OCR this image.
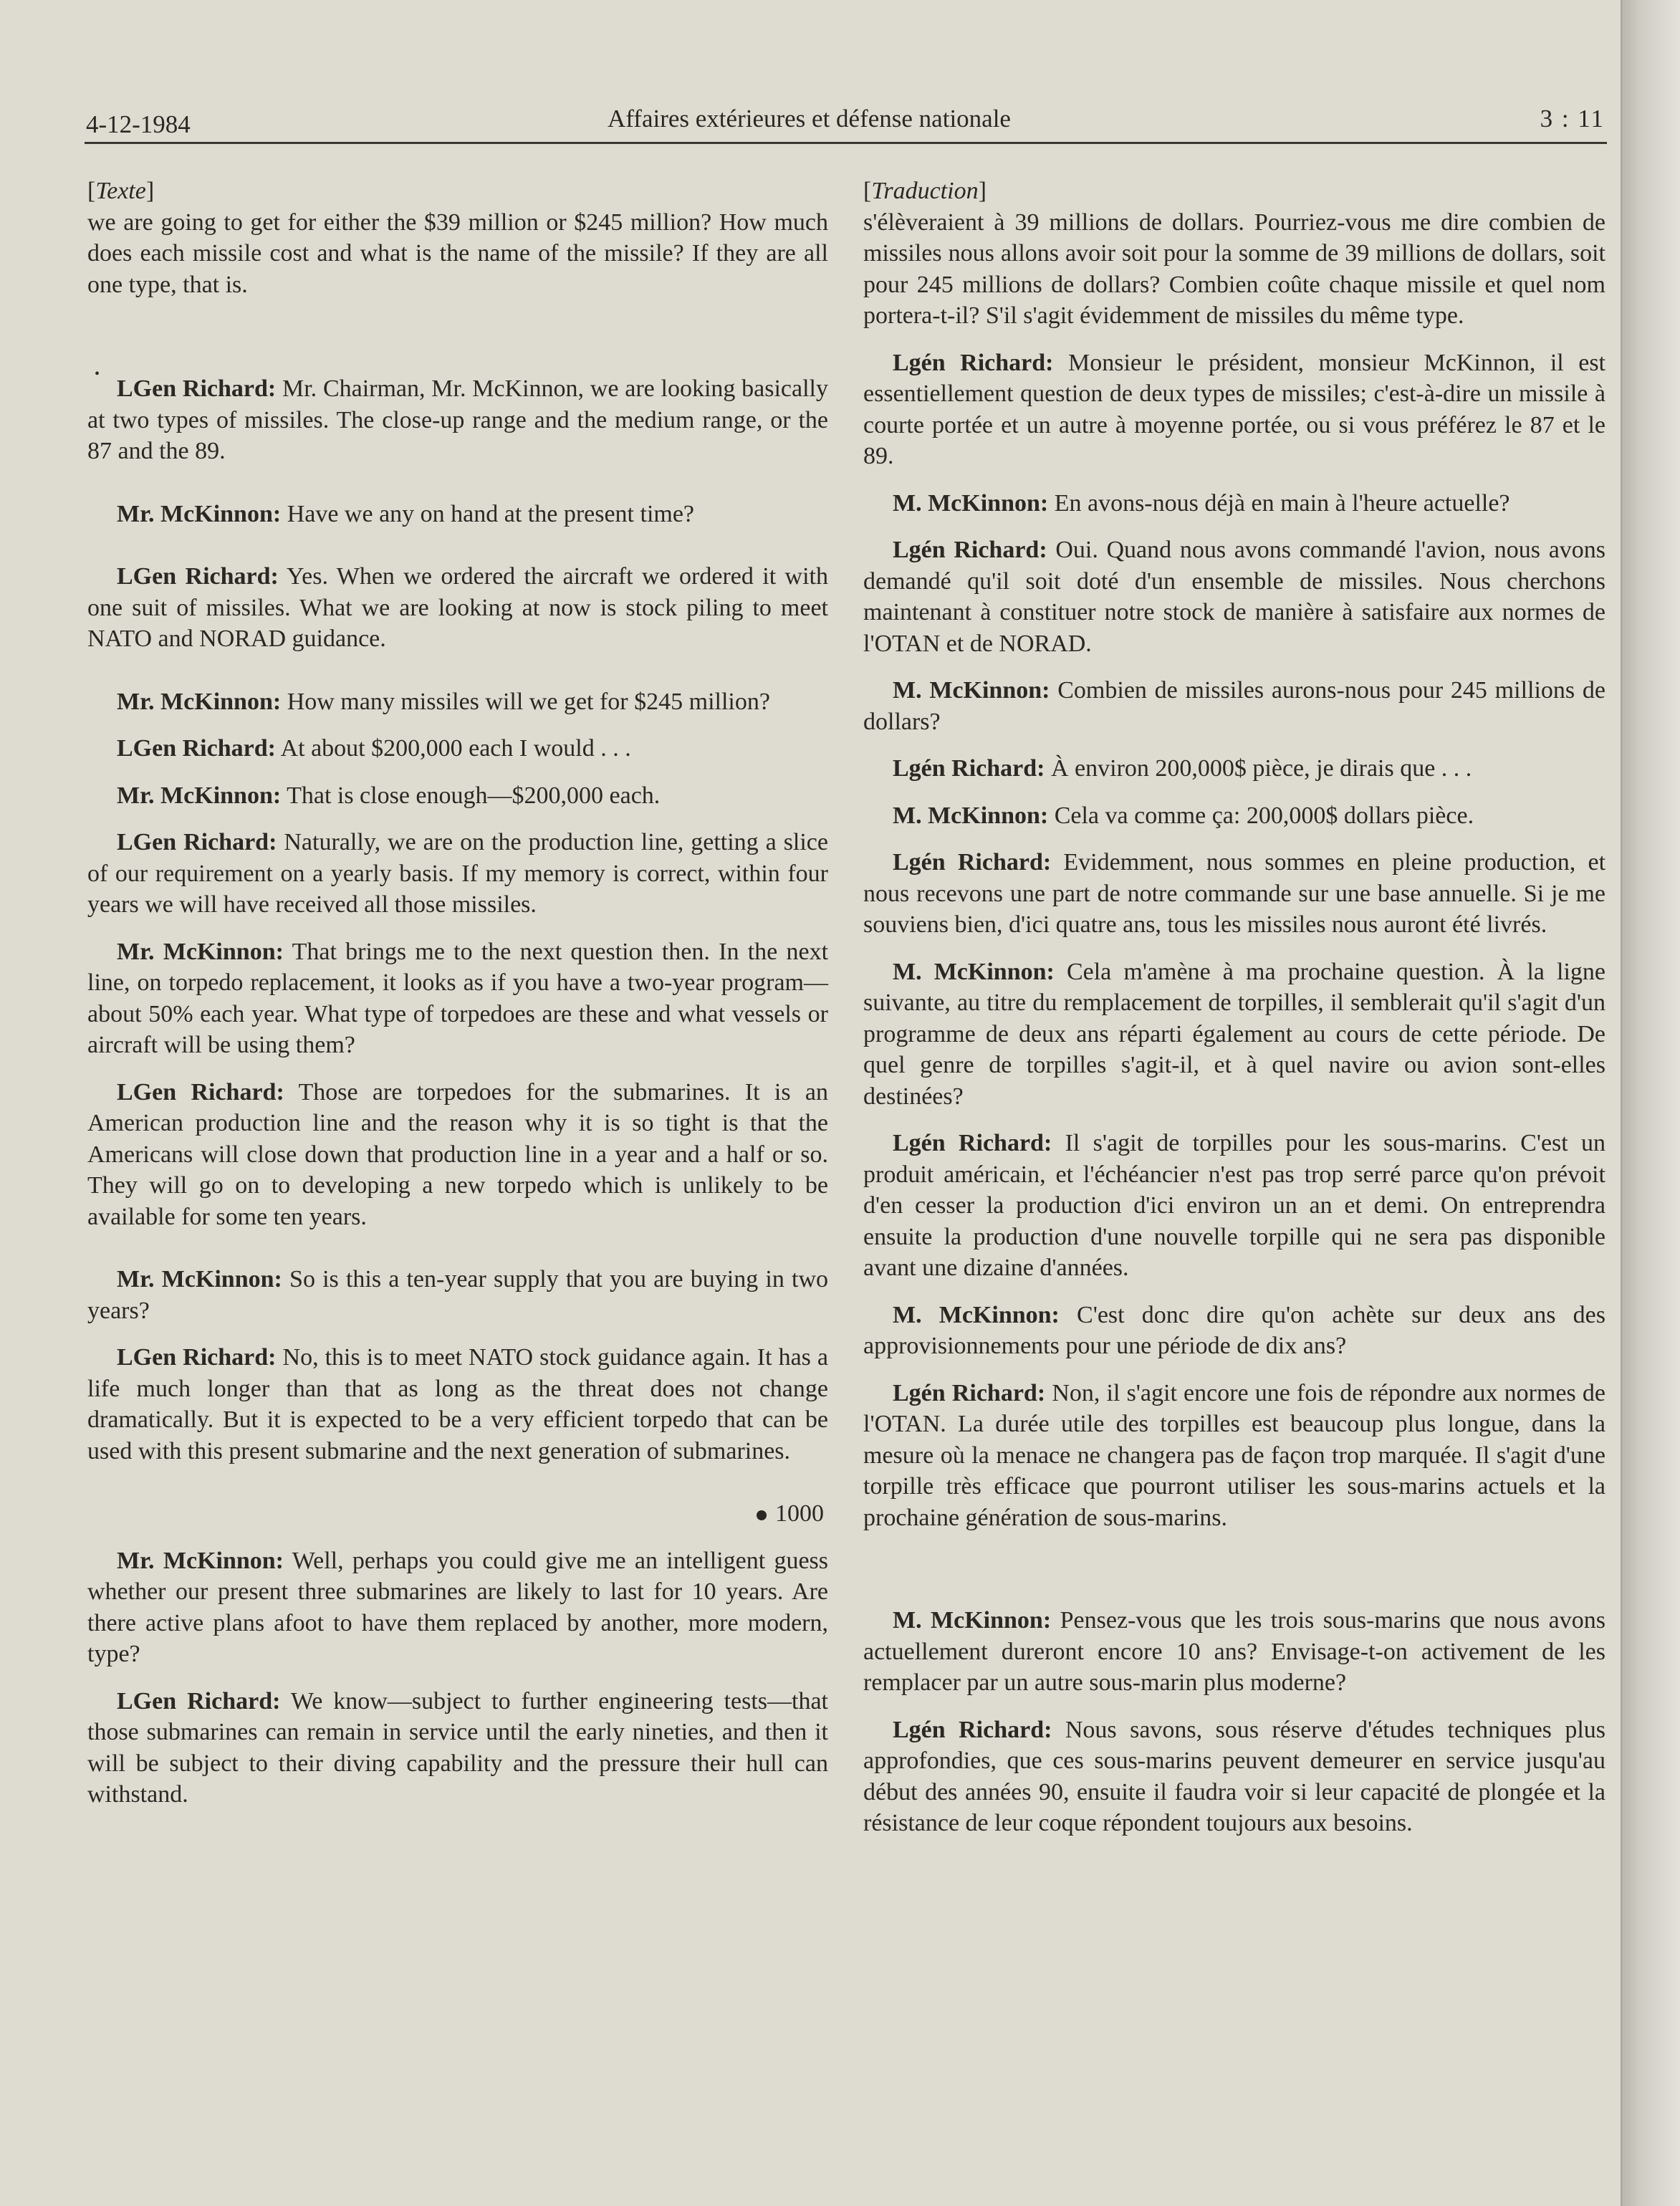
4-12-1984	Affaires extérieures et défense nationale	3 : 11

[Texte]

we are going to get for either the $39 million or $245 million? How much does each missile cost and what is the name of the missile? If they are all one type, that is.

•

LGen Richard: Mr. Chairman, Mr. McKinnon, we are looking basically at two types of missiles. The close-up range and the medium range, or the 87 and the 89.

Mr. McKinnon: Have we any on hand at the present time?

LGen Richard: Yes. When we ordered the aircraft we ordered it with one suit of missiles. What we are looking at now is stock piling to meet NATO and NORAD guidance.

Mr. McKinnon: How many missiles will we get for $245 million?

LGen Richard: At about $200,000 each I would . . .

Mr. McKinnon: That is close enough—$200,000 each.

LGen Richard: Naturally, we are on the production line, getting a slice of our requirement on a yearly basis. If my memory is correct, within four years we will have received all those missiles.

Mr. McKinnon: That brings me to the next question then. In the next line, on torpedo replacement, it looks as if you have a two-year program—about 50% each year. What type of torpedoes are these and what vessels or aircraft will be using them?

LGen Richard: Those are torpedoes for the submarines. It is an American production line and the reason why it is so tight is that the Americans will close down that production line in a year and a half or so. They will go on to developing a new torpedo which is unlikely to be available for some ten years.

Mr. McKinnon: So is this a ten-year supply that you are buying in two years?

LGen Richard: No, this is to meet NATO stock guidance again. It has a life much longer than that as long as the threat does not change dramatically. But it is expected to be a very efficient torpedo that can be used with this present submarine and the next generation of submarines.

1000

Mr. McKinnon: Well, perhaps you could give me an intelligent guess whether our present three submarines are likely to last for 10 years. Are there active plans afoot to have them replaced by another, more modern, type?

LGen Richard: We know—subject to further engineering tests—that those submarines can remain in service until the early nineties, and then it will be subject to their diving capability and the pressure their hull can withstand.

[Traduction]

s'élèveraient à 39 millions de dollars. Pourriez-vous me dire combien de missiles nous allons avoir soit pour la somme de 39 millions de dollars, soit pour 245 millions de dollars? Combien coûte chaque missile et quel nom portera-t-il? S'il s'agit évidemment de missiles du même type.

Lgén Richard: Monsieur le président, monsieur McKinnon, il est essentiellement question de deux types de missiles; c'est-à-dire un missile à courte portée et un autre à moyenne portée, ou si vous préférez le 87 et le 89.

M. McKinnon: En avons-nous déjà en main à l'heure actuelle?

Lgén Richard: Oui. Quand nous avons commandé l'avion, nous avons demandé qu'il soit doté d'un ensemble de missiles. Nous cherchons maintenant à constituer notre stock de manière à satisfaire aux normes de l'OTAN et de NORAD.

M. McKinnon: Combien de missiles aurons-nous pour 245 millions de dollars?

Lgén Richard: À environ 200,000$ pièce, je dirais que . . .

M. McKinnon: Cela va comme ça: 200,000$ dollars pièce.

Lgén Richard: Evidemment, nous sommes en pleine production, et nous recevons une part de notre commande sur une base annuelle. Si je me souviens bien, d'ici quatre ans, tous les missiles nous auront été livrés.

M. McKinnon: Cela m'amène à ma prochaine question. À la ligne suivante, au titre du remplacement de torpilles, il semblerait qu'il s'agit d'un programme de deux ans réparti également au cours de cette période. De quel genre de torpilles s'agit-il, et à quel navire ou avion sont-elles destinées?

Lgén Richard: Il s'agit de torpilles pour les sous-marins. C'est un produit américain, et l'échéancier n'est pas trop serré parce qu'on prévoit d'en cesser la production d'ici environ un an et demi. On entreprendra ensuite la production d'une nouvelle torpille qui ne sera pas disponible avant une dizaine d'années.

M. McKinnon: C'est donc dire qu'on achète sur deux ans des approvisionnements pour une période de dix ans?

Lgén Richard: Non, il s'agit encore une fois de répondre aux normes de l'OTAN. La durée utile des torpilles est beaucoup plus longue, dans la mesure où la menace ne changera pas de façon trop marquée. Il s'agit d'une torpille très efficace que pourront utiliser les sous-marins actuels et la prochaine génération de sous-marins.

M. McKinnon: Pensez-vous que les trois sous-marins que nous avons actuellement dureront encore 10 ans? Envisage-t-on activement de les remplacer par un autre sous-marin plus moderne?

Lgén Richard: Nous savons, sous réserve d'études techniques plus approfondies, que ces sous-marins peuvent demeurer en service jusqu'au début des années 90, ensuite il faudra voir si leur capacité de plongée et la résistance de leur coque répondent toujours aux besoins.
